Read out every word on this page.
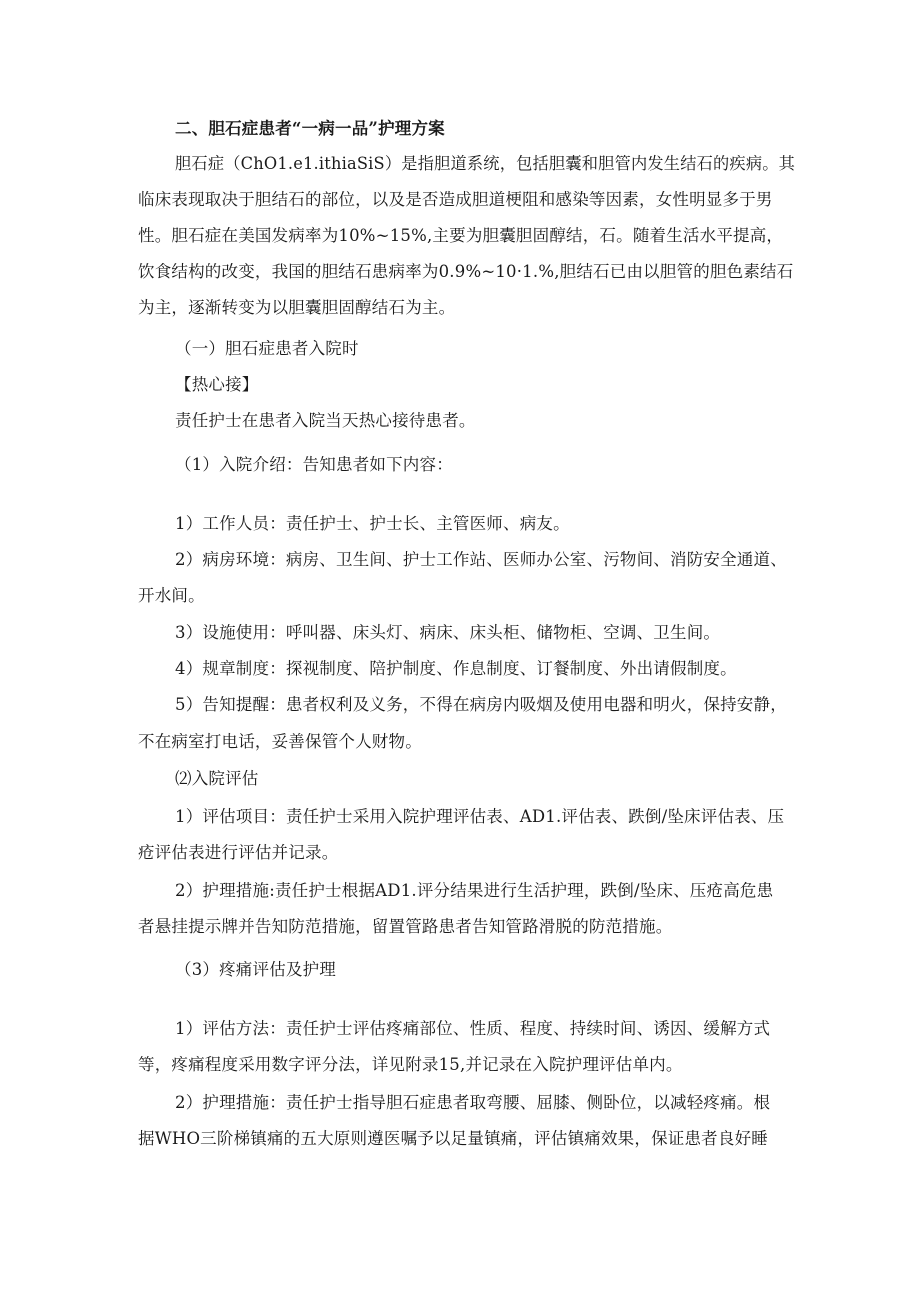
二、胆石症患者“一病一品”护理方案
胆石症（ChO1.e1.ithiaSiS）是指胆道系统，包括胆囊和胆管内发生结石的疾病。其
临床表现取决于胆结石的部位，以及是否造成胆道梗阻和感染等因素，女性明显多于男
性。胆石症在美国发病率为10%~15%,主要为胆囊胆固醇结，石。随着生活水平提高，
饮食结构的改变，我国的胆结石患病率为0.9%~10·1.%,胆结石已由以胆管的胆色素结石
为主，逐渐转变为以胆囊胆固醇结石为主。
（一）胆石症患者入院时
【热心接】
责任护士在患者入院当天热心接待患者。
（1）入院介绍：告知患者如下内容：
1）工作人员：责任护士、护士长、主管医师、病友。
2）病房环境：病房、卫生间、护士工作站、医师办公室、污物间、消防安全通道、
开水间。
3）设施使用：呼叫器、床头灯、病床、床头柜、储物柜、空调、卫生间。
4）规章制度：探视制度、陪护制度、作息制度、订餐制度、外出请假制度。
5）告知提醒：患者权利及义务，不得在病房内吸烟及使用电器和明火，保持安静，
不在病室打电话，妥善保管个人财物。
⑵入院评估
1）评估项目：责任护士采用入院护理评估表、AD1.评估表、跌倒/坠床评估表、压
疮评估表进行评估并记录。
2）护理措施:责任护士根据AD1.评分结果进行生活护理，跌倒/坠床、压疮高危患
者悬挂提示牌并告知防范措施，留置管路患者告知管路滑脱的防范措施。
（3）疼痛评估及护理
1）评估方法：责任护士评估疼痛部位、性质、程度、持续时间、诱因、缓解方式
等，疼痛程度采用数字评分法，详见附录15,并记录在入院护理评估单内。
2）护理措施：责任护士指导胆石症患者取弯腰、屈膝、侧卧位，以减轻疼痛。根
据WHO三阶梯镇痛的五大原则遵医嘱予以足量镇痛，评估镇痛效果，保证患者良好睡
